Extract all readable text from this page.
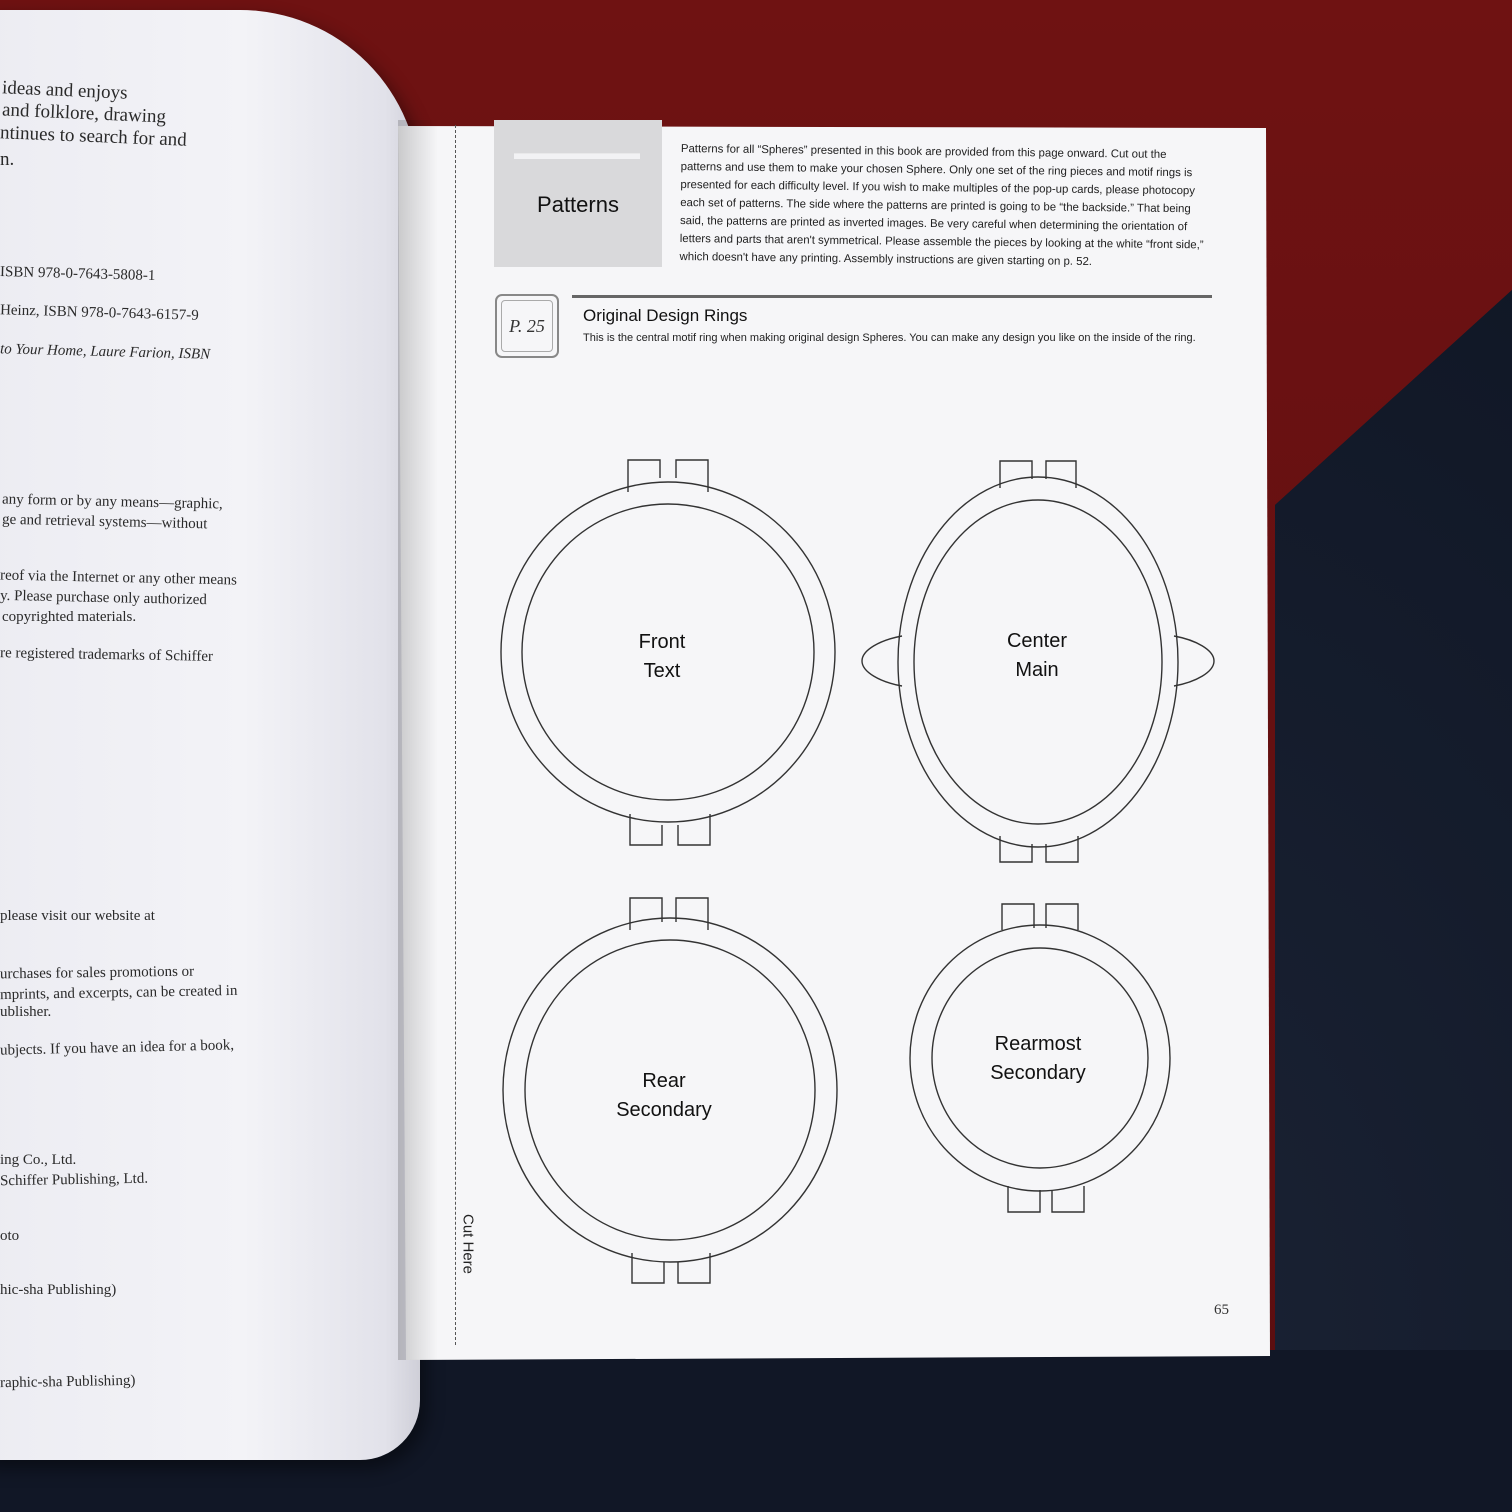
ideas and enjoys
and folklore, drawing
ntinues to search for and
n.
ISBN 978-0-7643-5808-1
Heinz, ISBN 978-0-7643-6157-9
to Your Home, Laure Farion, ISBN
any form or by any means—graphic,
ge and retrieval systems—without
reof via the Internet or any other means
y. Please purchase only authorized
copyrighted materials.
re registered trademarks of Schiffer
please visit our website at
urchases for sales promotions or
mprints, and excerpts, can be created in
ublisher.
ubjects. If you have an idea for a book,
ing Co., Ltd.
Schiffer Publishing, Ltd.
oto
hic-sha Publishing)
raphic-sha Publishing)
Cut Here
Patterns
Patterns for all “Spheres” presented in this book are provided from this page onward. Cut out the patterns and use them to make your chosen Sphere. Only one set of the ring pieces and motif rings is presented for each difficulty level. If you wish to make multiples of the pop-up cards, please photocopy each set of patterns. The side where the patterns are printed is going to be “the backside.” That being said, the patterns are printed as inverted images. Be very careful when determining the orientation of letters and parts that aren't symmetrical. Please assemble the pieces by looking at the white “front side,” which doesn't have any printing. Assembly instructions are given starting on p. 52.
P. 25 Original Design Rings
This is the central motif ring when making original design Spheres. You can make any design you like on the inside of the ring.
Front
Text
Center
Main
Rear
Secondary
Rearmost
Secondary
65
